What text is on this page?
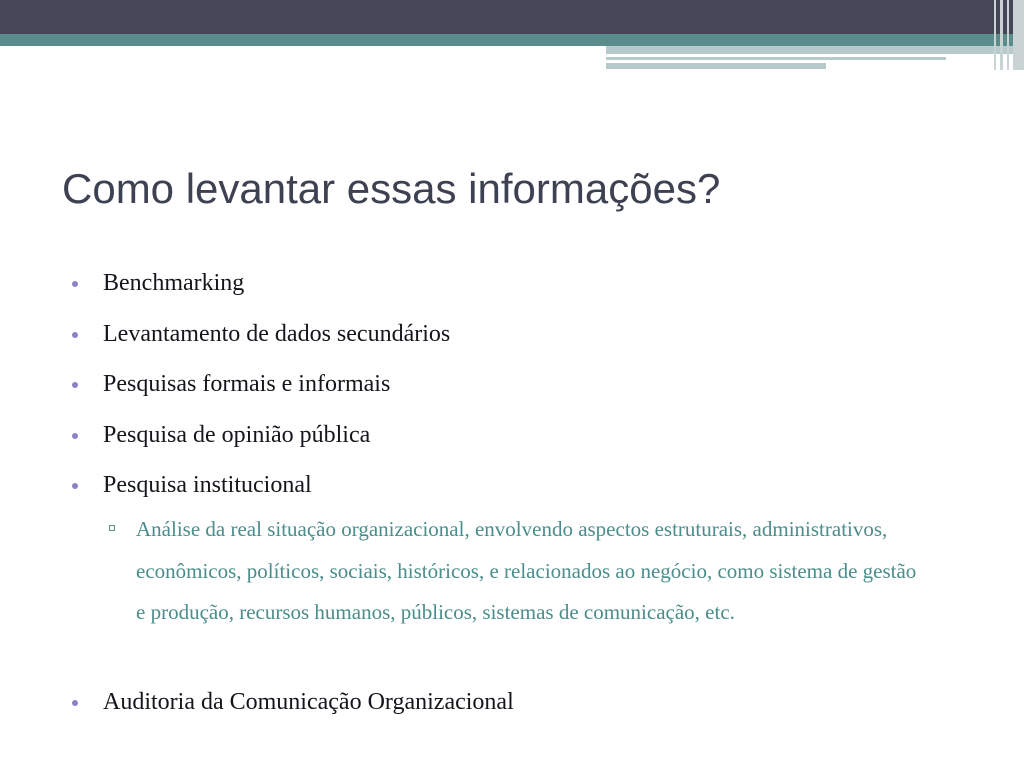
Como levantar essas informações?
Benchmarking
Levantamento de dados secundários
Pesquisas formais e informais
Pesquisa de opinião pública
Pesquisa institucional
Análise da real situação organizacional, envolvendo aspectos estruturais, administrativos, econômicos, políticos, sociais, históricos, e relacionados ao negócio, como sistema de gestão e produção, recursos humanos, públicos, sistemas de comunicação, etc.
Auditoria da Comunicação Organizacional
